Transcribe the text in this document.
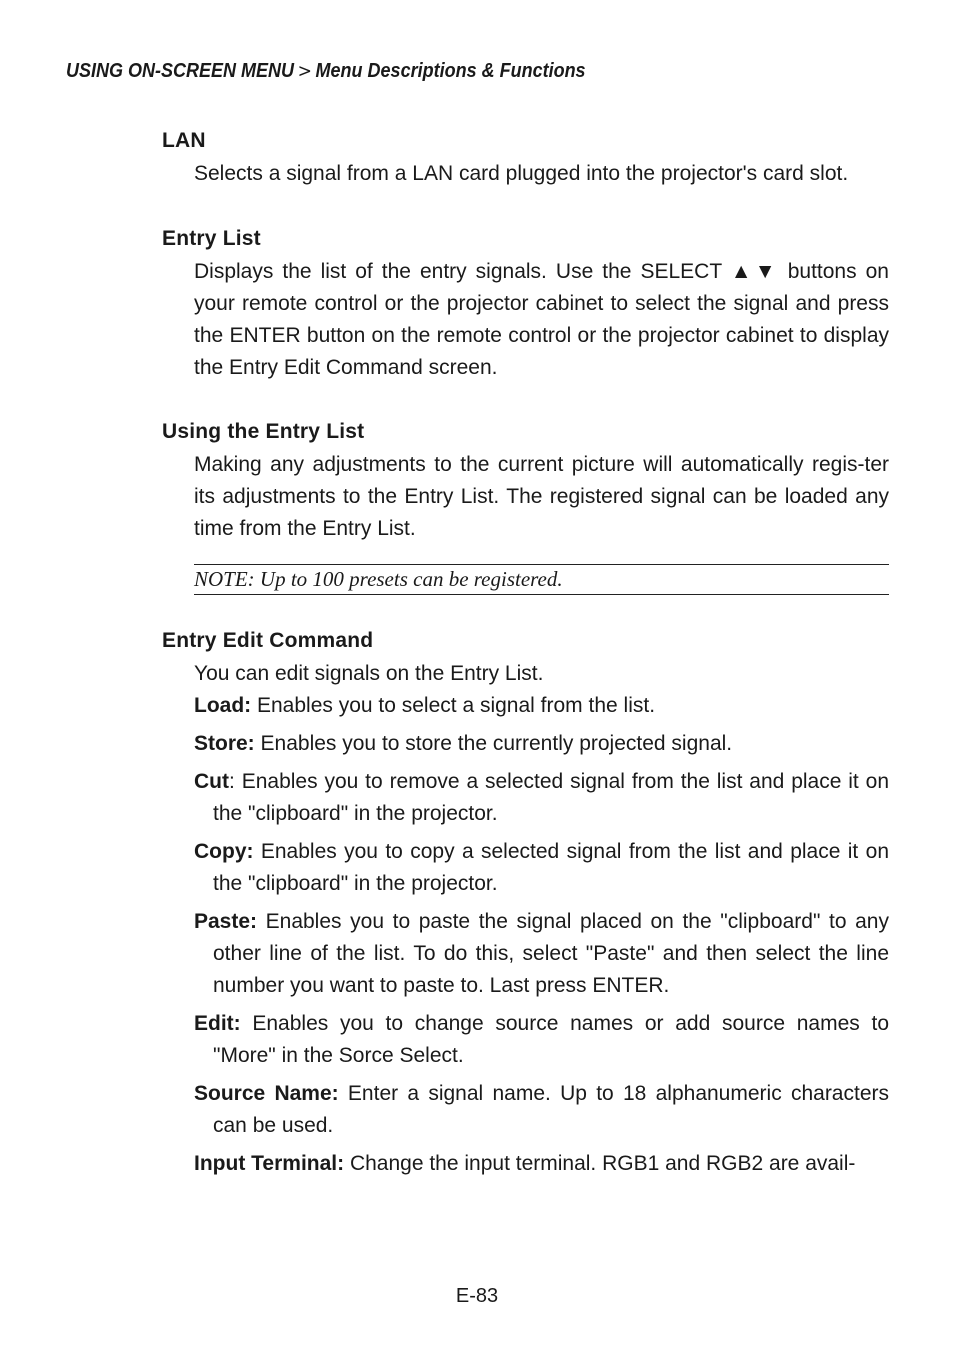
USING ON-SCREEN MENU > Menu Descriptions & Functions
LAN

Selects a signal from a LAN card plugged into the projector's card slot.

Entry List

Displays the list of the entry signals. Use the SELECT ▲▼ buttons on your remote control or the projector cabinet to select the signal and press the ENTER button on the remote control or the projector cabinet to display the Entry Edit Command screen.

Using the Entry List

Making any adjustments to the current picture will automatically regis-ter its adjustments to the Entry List. The registered signal can be loaded any time from the Entry List.

NOTE: Up to 100 presets can be registered.
Entry Edit Command

You can edit signals on the Entry List.

Load: Enables you to select a signal from the list.

Store: Enables you to store the currently projected signal.

Cut: Enables you to remove a selected signal from the list and place it on the "clipboard" in the projector.

Copy: Enables you to copy a selected signal from the list and place it on the "clipboard" in the projector.

Paste: Enables you to paste the signal placed on the "clipboard" to any other line of the list. To do this, select "Paste" and then select the line number you want to paste to. Last press ENTER.

Edit: Enables you to change source names or add source names to "More" in the Sorce Select.

Source Name: Enter a signal name. Up to 18 alphanumeric characters can be used.

Input Terminal: Change the input terminal. RGB1 and RGB2 are avail-

E-83
